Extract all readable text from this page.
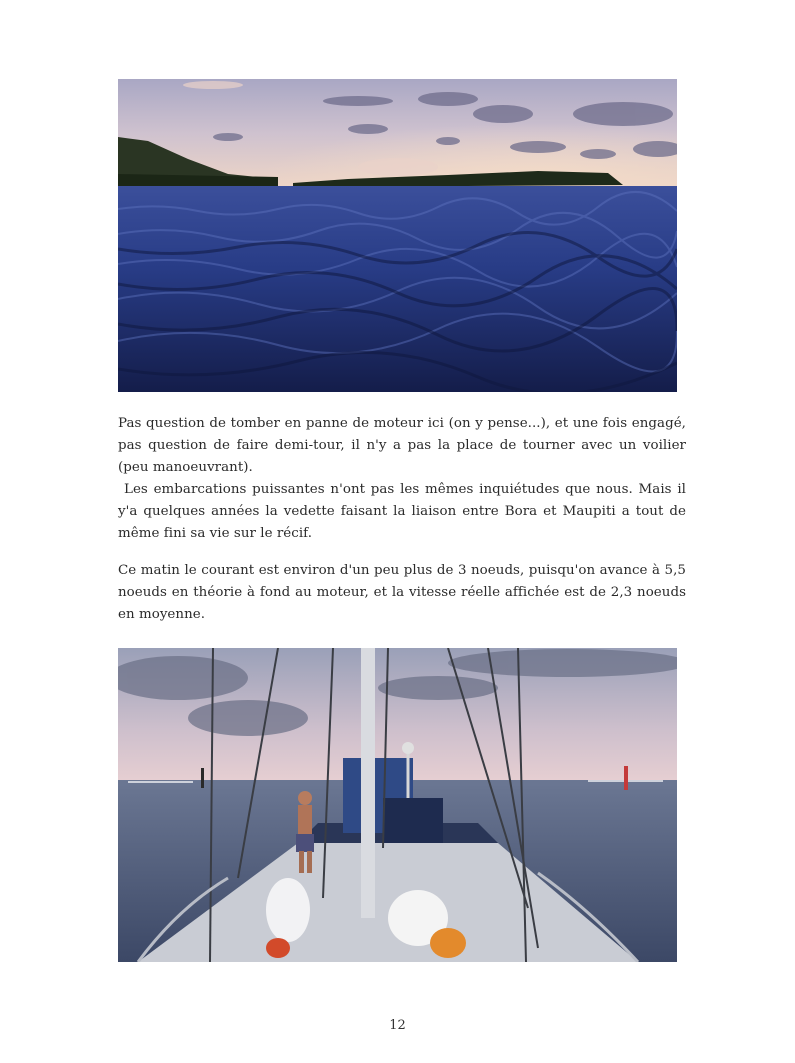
Pas question de tomber en panne de moteur ici (on y pense...), et une fois engagé, pas question de faire demi-tour, il n'y a pas la place de tourner avec un voilier (peu manoeuvrant).

Les embarcations puissantes n'ont pas les mêmes inquiétudes que nous. Mais il y'a quelques années la vedette faisant la liaison entre Bora et Maupiti a tout de même fini sa vie sur le récif.

Ce matin le courant est environ d'un peu plus de 3 noeuds, puisqu'on avance à 5,5 noeuds en théorie à fond au moteur, et la vitesse réelle affichée est de 2,3 noeuds en moyenne.

12
